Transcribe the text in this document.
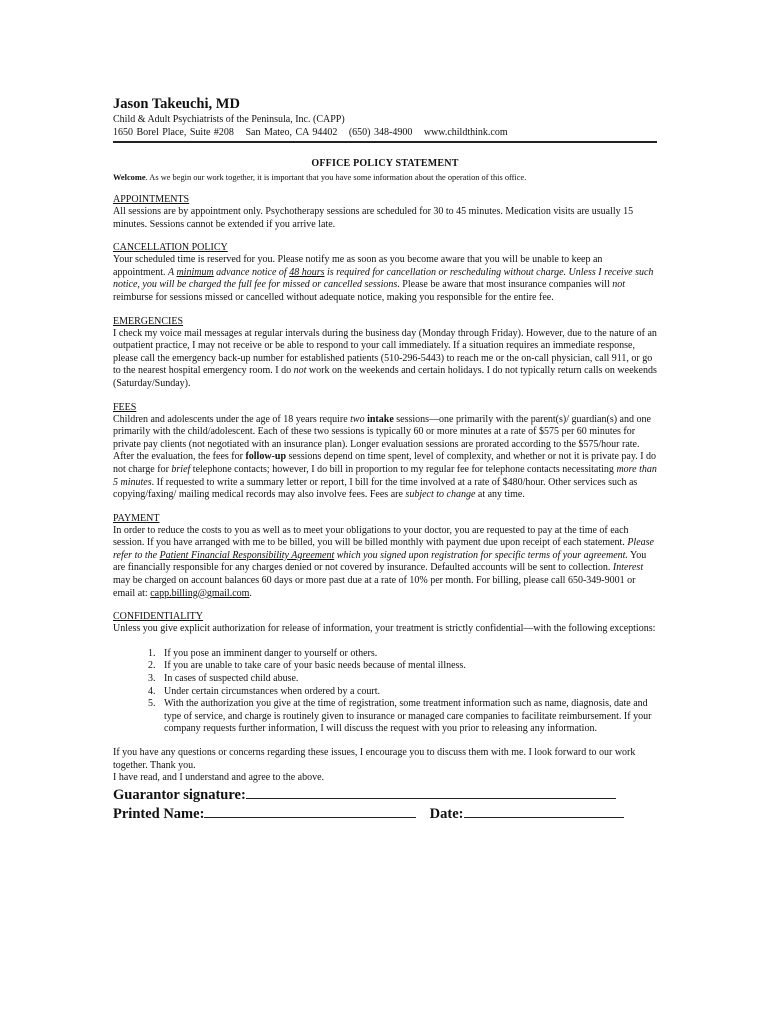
Jason Takeuchi, MD
Child & Adult Psychiatrists of the Peninsula, Inc. (CAPP)
1650 Borel Place, Suite #208 San Mateo, CA 94402 (650) 348-4900 www.childthink.com
OFFICE POLICY STATEMENT
Welcome. As we begin our work together, it is important that you have some information about the operation of this office.
APPOINTMENTS

All sessions are by appointment only. Psychotherapy sessions are scheduled for 30 to 45 minutes. Medication visits are usually 15 minutes. Sessions cannot be extended if you arrive late.

CANCELLATION POLICY

Your scheduled time is reserved for you. Please notify me as soon as you become aware that you will be unable to keep an appointment. A minimum advance notice of 48 hours is required for cancellation or rescheduling without charge. Unless I receive such notice, you will be charged the full fee for missed or cancelled sessions. Please be aware that most insurance companies will not reimburse for sessions missed or cancelled without adequate notice, making you responsible for the entire fee.

EMERGENCIES

I check my voice mail messages at regular intervals during the business day (Monday through Friday). However, due to the nature of an outpatient practice, I may not receive or be able to respond to your call immediately. If a situation requires an immediate response, please call the emergency back-up number for established patients (510-296-5443) to reach me or the on-call physician, call 911, or go to the nearest hospital emergency room. I do not work on the weekends and certain holidays. I do not typically return calls on weekends (Saturday/Sunday).

FEES

Children and adolescents under the age of 18 years require two intake sessions—one primarily with the parent(s)/ guardian(s) and one primarily with the child/adolescent. Each of these two sessions is typically 60 or more minutes at a rate of $575 per 60 minutes for private pay clients (not negotiated with an insurance plan). Longer evaluation sessions are prorated according to the $575/hour rate. After the evaluation, the fees for follow-up sessions depend on time spent, level of complexity, and whether or not it is private pay. I do not charge for brief telephone contacts; however, I do bill in proportion to my regular fee for telephone contacts necessitating more than 5 minutes. If requested to write a summary letter or report, I bill for the time involved at a rate of $480/hour. Other services such as copying/faxing/ mailing medical records may also involve fees. Fees are subject to change at any time.

PAYMENT

In order to reduce the costs to you as well as to meet your obligations to your doctor, you are requested to pay at the time of each session. If you have arranged with me to be billed, you will be billed monthly with payment due upon receipt of each statement. Please refer to the Patient Financial Responsibility Agreement which you signed upon registration for specific terms of your agreement. You are financially responsible for any charges denied or not covered by insurance. Defaulted accounts will be sent to collection. Interest may be charged on account balances 60 days or more past due at a rate of 10% per month. For billing, please call 650-349-9001 or email at: capp.billing@gmail.com.

CONFIDENTIALITY

Unless you give explicit authorization for release of information, your treatment is strictly confidential—with the following exceptions:

1. If you pose an imminent danger to yourself or others.
2. If you are unable to take care of your basic needs because of mental illness.
3. In cases of suspected child abuse.
4. Under certain circumstances when ordered by a court.
5. With the authorization you give at the time of registration, some treatment information such as name, diagnosis, date and type of service, and charge is routinely given to insurance or managed care companies to facilitate reimbursement. If your company requests further information, I will discuss the request with you prior to releasing any information.

If you have any questions or concerns regarding these issues, I encourage you to discuss them with me. I look forward to our work together. Thank you.

I have read, and I understand and agree to the above.

Guarantor signature:
Printed Name:	Date:
